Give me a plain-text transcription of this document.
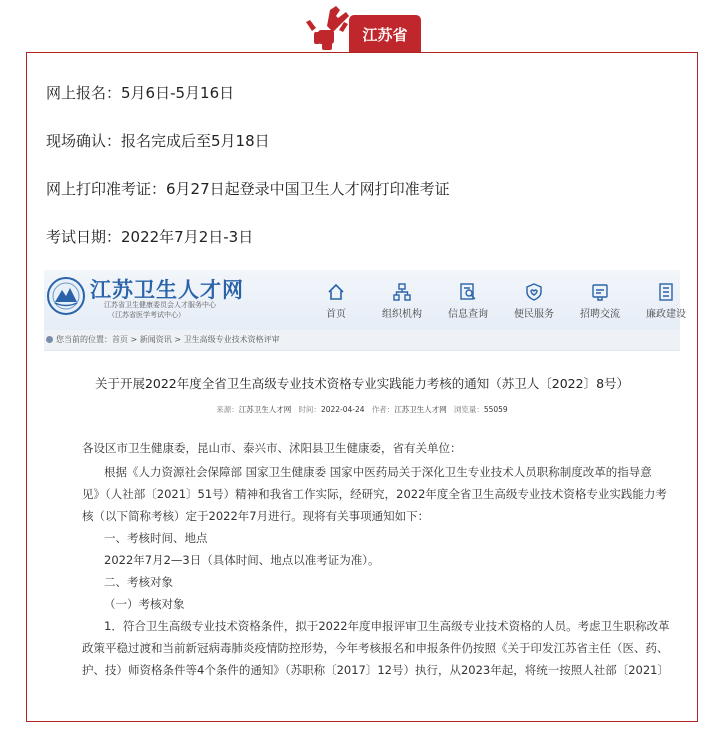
江苏省
网上报名：5月6日-5月16日
现场确认：报名完成后至5月18日
网上打印准考证：6月27日起登录中国卫生人才网打印准考证
考试日期：2022年7月2日-3日
江苏卫生人才网
江苏省卫生健康委员会人才服务中心
（江苏省医学考试中心）	首页	组织机构	信息查询	便民服务	招聘交流	廉政建设
您当前的位置：首页 > 新闻资讯 > 卫生高级专业技术资格评审
关于开展2022年度全省卫生高级专业技术资格专业实践能力考核的通知（苏卫人〔2022〕8号）
来源：江苏卫生人才网 时间：2022-04-24 作者：江苏卫生人才网 浏览量：55059
各设区市卫生健康委，昆山市、泰兴市、沭阳县卫生健康委，省有关单位：
根据《人力资源社会保障部 国家卫生健康委 国家中医药局关于深化卫生专业技术人员职称制度改革的指导意
见》（人社部〔2021〕51号）精神和我省工作实际，经研究，2022年度全省卫生高级专业技术资格专业实践能力考
核（以下简称考核）定于2022年7月进行。现将有关事项通知如下：
一、考核时间、地点
2022年7月2—3日（具体时间、地点以准考证为准）。
二、考核对象
（一）考核对象
1．符合卫生高级专业技术资格条件，拟于2022年度申报评审卫生高级专业技术资格的人员。考虑卫生职称改革
政策平稳过渡和当前新冠病毒肺炎疫情防控形势，今年考核报名和申报条件仍按照《关于印发江苏省主任（医、药、
护、技）师资格条件等4个条件的通知》（苏职称〔2017〕12号）执行，从2023年起，将统一按照人社部〔2021〕
